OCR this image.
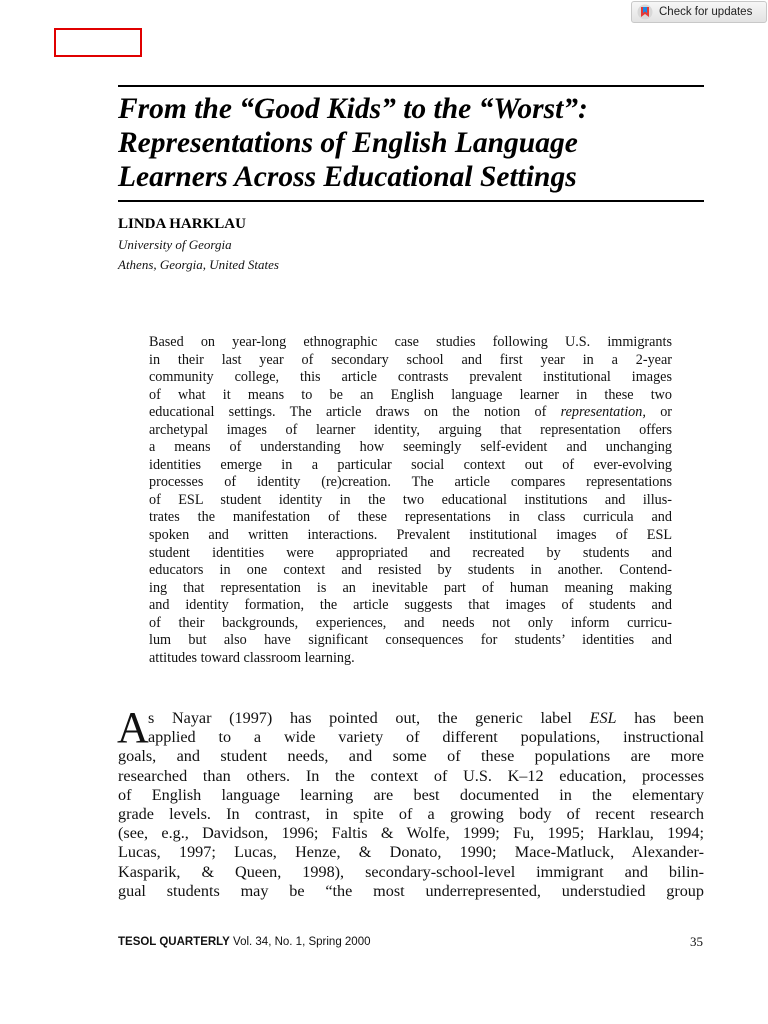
Check for updates
From the “Good Kids” to the “Worst”:
Representations of English Language
Learners Across Educational Settings

LINDA HARKLAU

University of Georgia

Athens, Georgia, United States

Based on year-long ethnographic case studies following U.S. immigrants
in their last year of secondary school and first year in a 2-year
community college, this article contrasts prevalent institutional images
of what it means to be an English language learner in these two
educational settings. The article draws on the notion of representation, or
archetypal images of learner identity, arguing that representation offers
a means of understanding how seemingly self-evident and unchanging
identities emerge in a particular social context out of ever-evolving
processes of identity (re)creation. The article compares representations
of ESL student identity in the two educational institutions and illus-
trates the manifestation of these representations in class curricula and
spoken and written interactions. Prevalent institutional images of ESL
student identities were appropriated and recreated by students and
educators in one context and resisted by students in another. Contend-
ing that representation is an inevitable part of human meaning making
and identity formation, the article suggests that images of students and
of their backgrounds, experiences, and needs not only inform curricu-
lum but also have significant consequences for students’ identities and
attitudes toward classroom learning.
A s Nayar (1997) has pointed out, the generic label ESL has been
applied to a wide variety of different populations, instructional
goals, and student needs, and some of these populations are more
researched than others. In the context of U.S. K–12 education, processes
of English language learning are best documented in the elementary
grade levels. In contrast, in spite of a growing body of recent research
(see, e.g., Davidson, 1996; Faltis & Wolfe, 1999; Fu, 1995; Harklau, 1994;
Lucas, 1997; Lucas, Henze, & Donato, 1990; Mace-Matluck, Alexander-
Kasparik, & Queen, 1998), secondary-school-level immigrant and bilin-
gual students may be “the most underrepresented, understudied group
TESOL QUARTERLY Vol. 34, No. 1, Spring 2000	35
